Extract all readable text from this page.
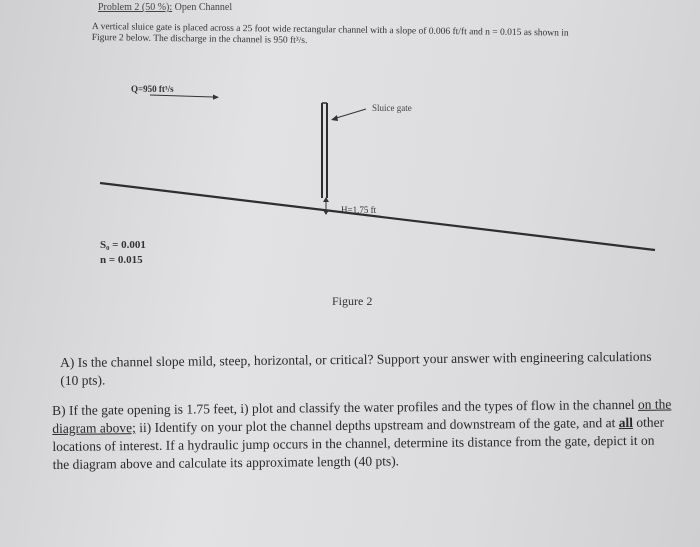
Problem 2 (50 %): Open Channel
A vertical sluice gate is placed across a 25 foot wide rectangular channel with a slope of 0.006 ft/ft and n = 0.015 as shown in Figure 2 below. The discharge in the channel is 950 ft³/s.
Q=950 ft³/s
Sluice gate
H=1.75 ft
S₀ = 0.001
n = 0.015
Figure 2
A) Is the channel slope mild, steep, horizontal, or critical? Support your answer with engineering calculations (10 pts).
B) If the gate opening is 1.75 feet, i) plot and classify the water profiles and the types of flow in the channel on the diagram above; ii) Identify on your plot the channel depths upstream and downstream of the gate, and at all other locations of interest. If a hydraulic jump occurs in the channel, determine its distance from the gate, depict it on the diagram above and calculate its approximate length (40 pts).
